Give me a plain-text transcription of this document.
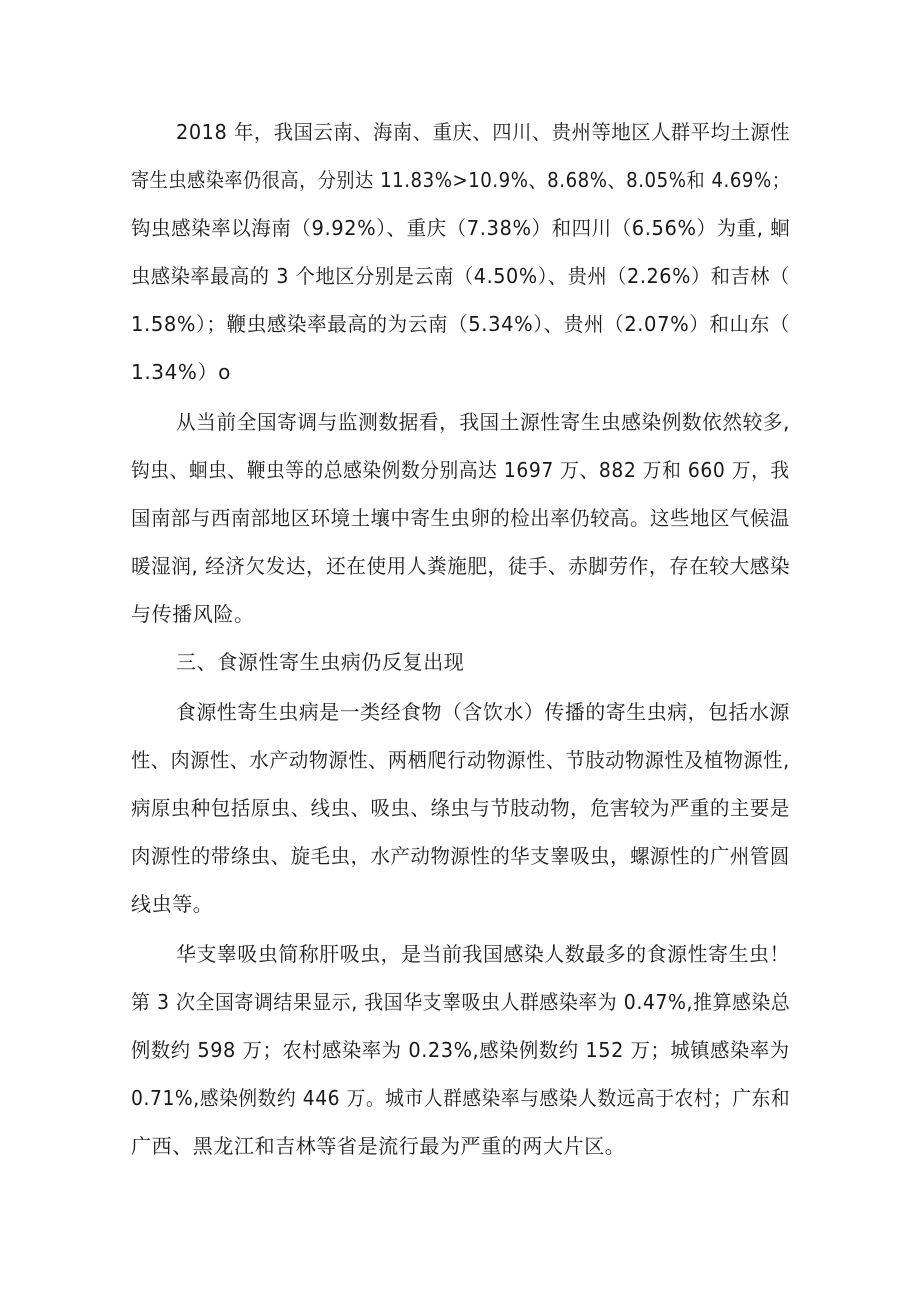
2018 年，我国云南、海南、重庆、四川、贵州等地区人群平均土源性
寄生虫感染率仍很高，分别达 11.83%>10.9%、8.68%、8.05%和 4.69%；
钩虫感染率以海南（9.92%）、重庆（7.38%）和四川（6.56%）为重, 蛔
虫感染率最高的 3 个地区分别是云南（4.50%）、贵州（2.26%）和吉林（
1.58%）；鞭虫感染率最高的为云南（5.34%）、贵州（2.07%）和山东（
1.34%）o
从当前全国寄调与监测数据看，我国土源性寄生虫感染例数依然较多,
钩虫、蛔虫、鞭虫等的总感染例数分别高达 1697 万、882 万和 660 万，我
国南部与西南部地区环境土壤中寄生虫卵的检出率仍较高。这些地区气候温
暖湿润, 经济欠发达，还在使用人粪施肥，徒手、赤脚劳作，存在较大感染
与传播风险。
三、食源性寄生虫病仍反复出现
食源性寄生虫病是一类经食物（含饮水）传播的寄生虫病，包括水源
性、肉源性、水产动物源性、两栖爬行动物源性、节肢动物源性及植物源性,
病原虫种包括原虫、线虫、吸虫、绦虫与节肢动物，危害较为严重的主要是
肉源性的带绦虫、旋毛虫，水产动物源性的华支睾吸虫，螺源性的广州管圆
线虫等。
华支睾吸虫简称肝吸虫，是当前我国感染人数最多的食源性寄生虫！
第 3 次全国寄调结果显示, 我国华支睾吸虫人群感染率为 0.47%,推算感染总
例数约 598 万；农村感染率为 0.23%,感染例数约 152 万；城镇感染率为
0.71%,感染例数约 446 万。城市人群感染率与感染人数远高于农村；广东和
广西、黑龙江和吉林等省是流行最为严重的两大片区。
